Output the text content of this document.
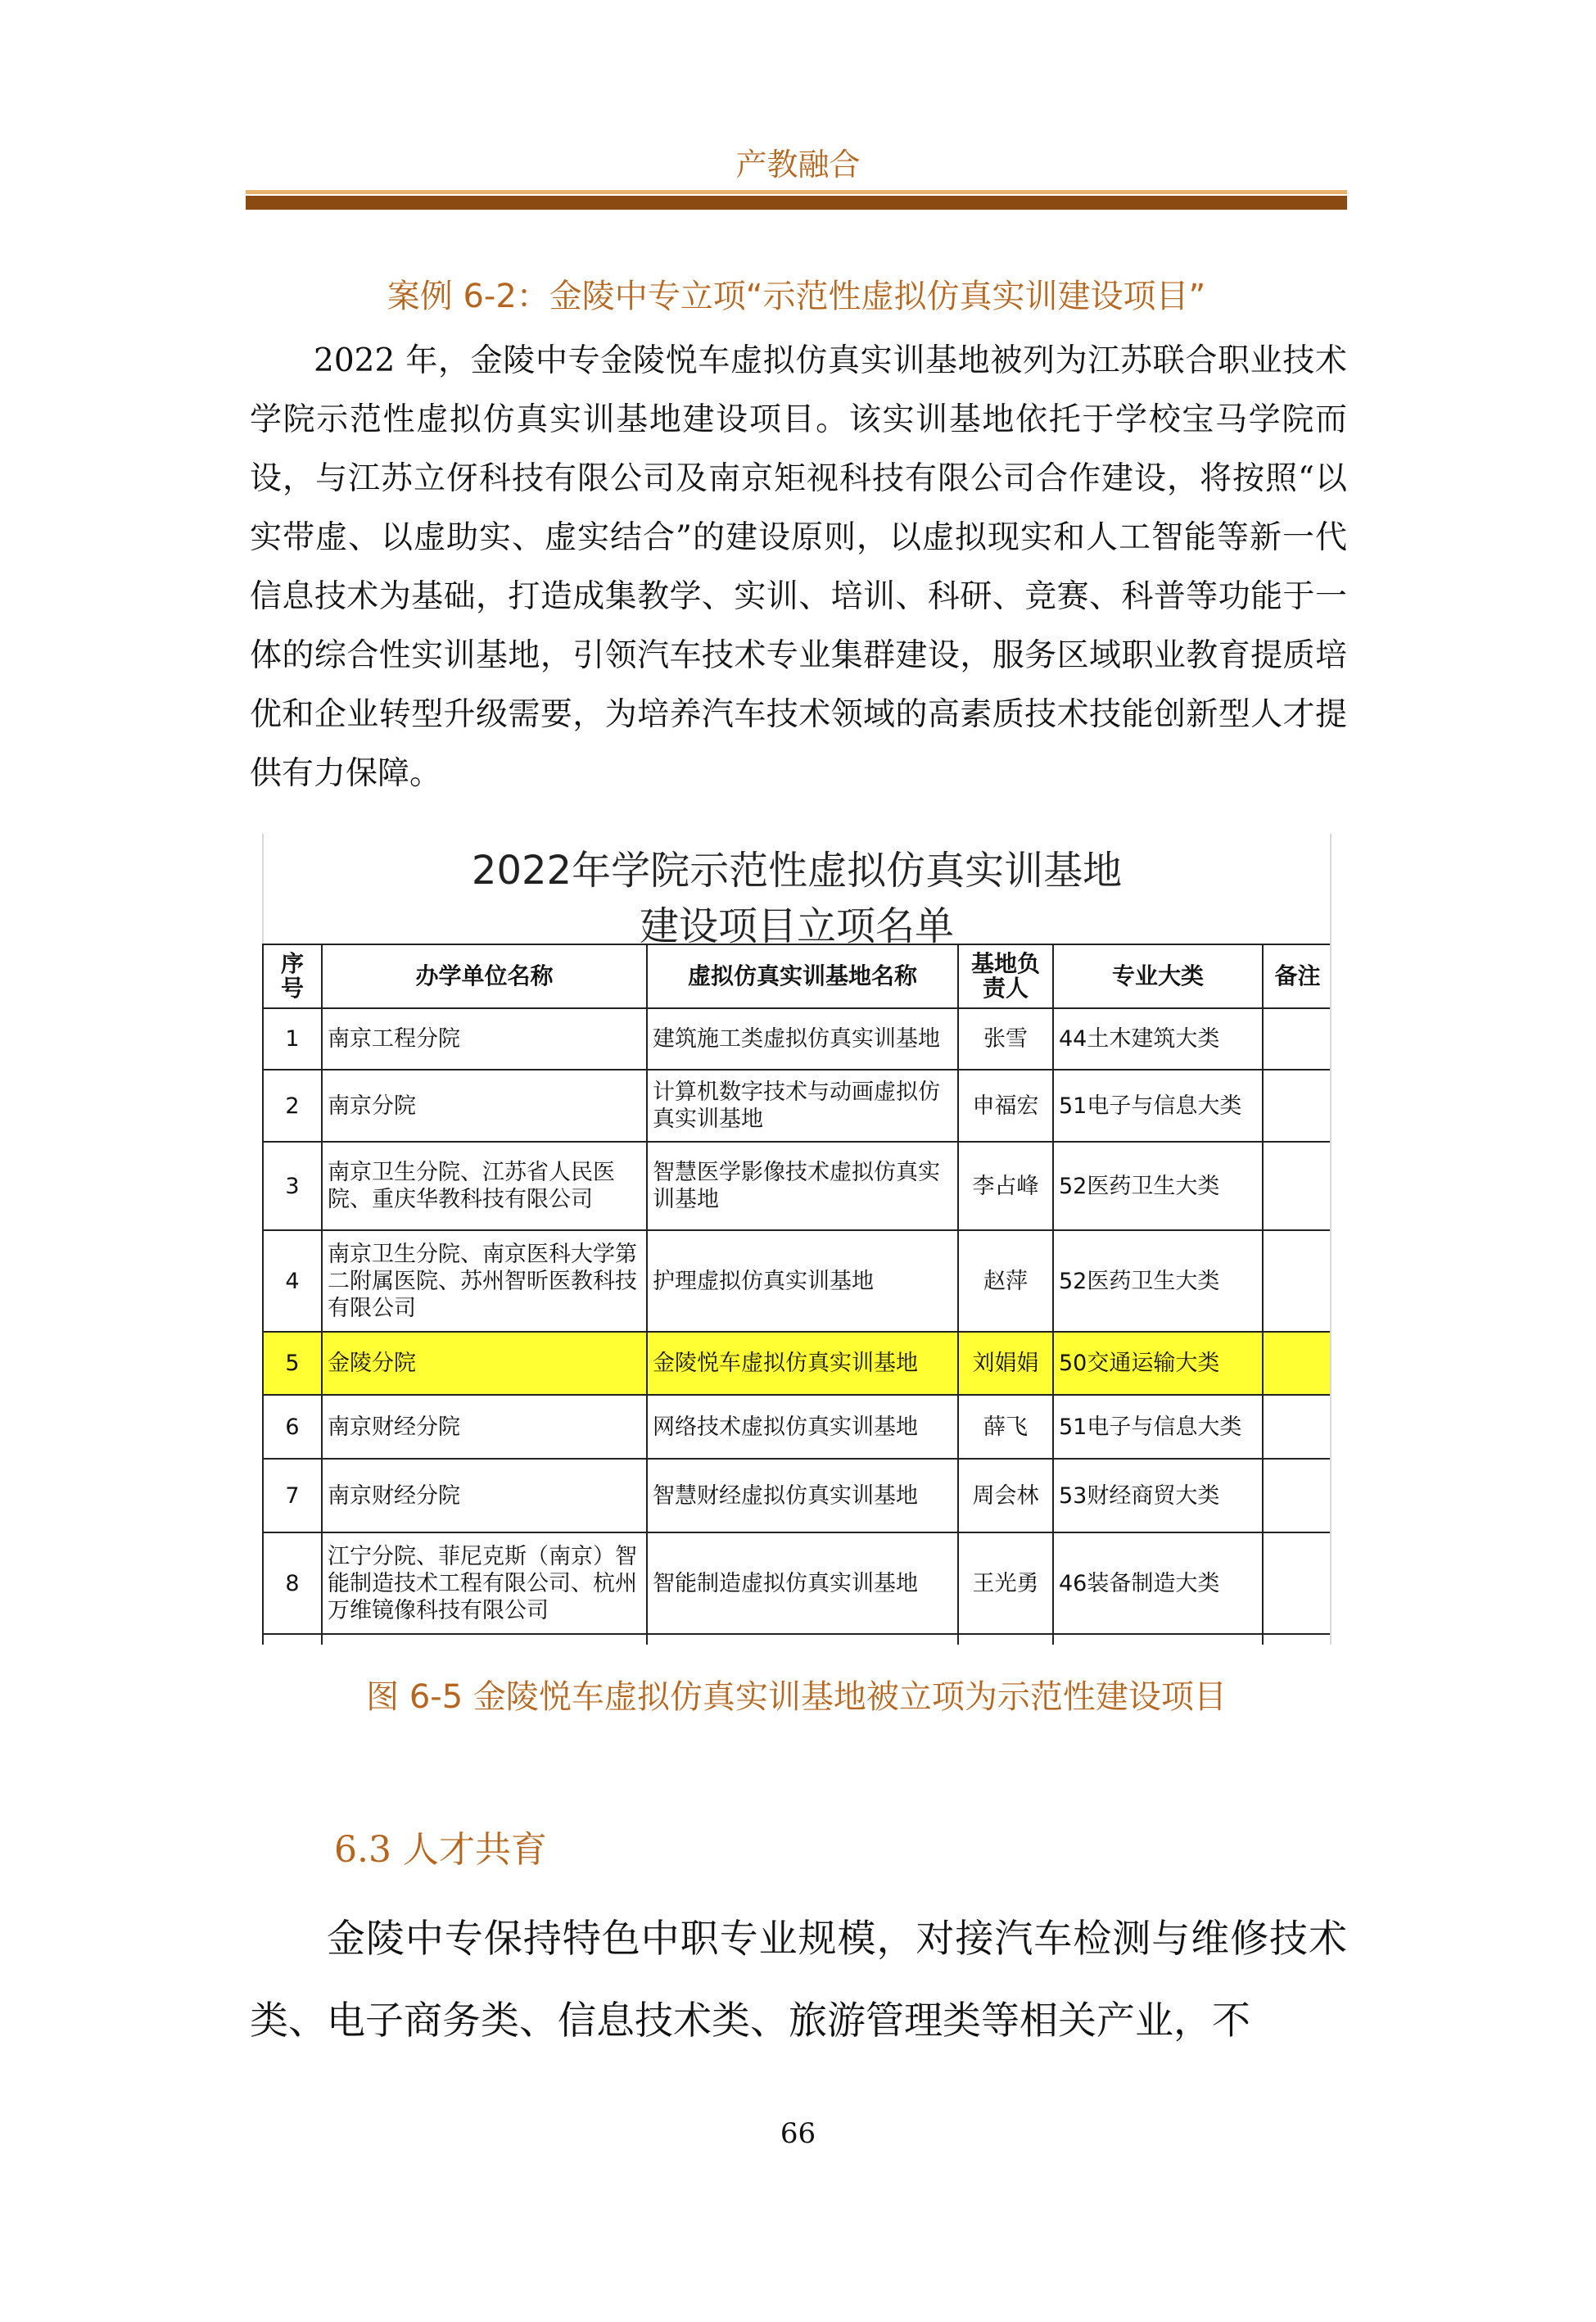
产教融合
案例 6-2：金陵中专立项“示范性虚拟仿真实训建设项目”
2022 年，金陵中专金陵悦车虚拟仿真实训基地被列为江苏联合职业技术学院示范性虚拟仿真实训基地建设项目。该实训基地依托于学校宝马学院而设，与江苏立伢科技有限公司及南京矩视科技有限公司合作建设，将按照“以实带虚、以虚助实、虚实结合”的建设原则，以虚拟现实和人工智能等新一代信息技术为基础，打造成集教学、实训、培训、科研、竞赛、科普等功能于一体的综合性实训基地，引领汽车技术专业集群建设，服务区域职业教育提质培优和企业转型升级需要，为培养汽车技术领域的高素质技术技能创新型人才提供有力保障。
2022年学院示范性虚拟仿真实训基地
建设项目立项名单
序号	办学单位名称	虚拟仿真实训基地名称	基地负责人	专业大类	备注
1	南京工程分院	建筑施工类虚拟仿真实训基地	张雪	44土木建筑大类	
2	南京分院	计算机数字技术与动画虚拟仿真实训基地	申福宏	51电子与信息大类	
3	南京卫生分院、江苏省人民医院、重庆华教科技有限公司	智慧医学影像技术虚拟仿真实训基地	李占峰	52医药卫生大类	
4	南京卫生分院、南京医科大学第二附属医院、苏州智昕医教科技有限公司	护理虚拟仿真实训基地	赵萍	52医药卫生大类	
5	金陵分院	金陵悦车虚拟仿真实训基地	刘娟娟	50交通运输大类	
6	南京财经分院	网络技术虚拟仿真实训基地	薛飞	51电子与信息大类	
7	南京财经分院	智慧财经虚拟仿真实训基地	周会林	53财经商贸大类	
8	江宁分院、菲尼克斯（南京）智能制造技术工程有限公司、杭州万维镜像科技有限公司	智能制造虚拟仿真实训基地	王光勇	46装备制造大类	

图 6-5 金陵悦车虚拟仿真实训基地被立项为示范性建设项目
6.3 人才共育
金陵中专保持特色中职专业规模，对接汽车检测与维修技术类、电子商务类、信息技术类、旅游管理类等相关产业，不
66
